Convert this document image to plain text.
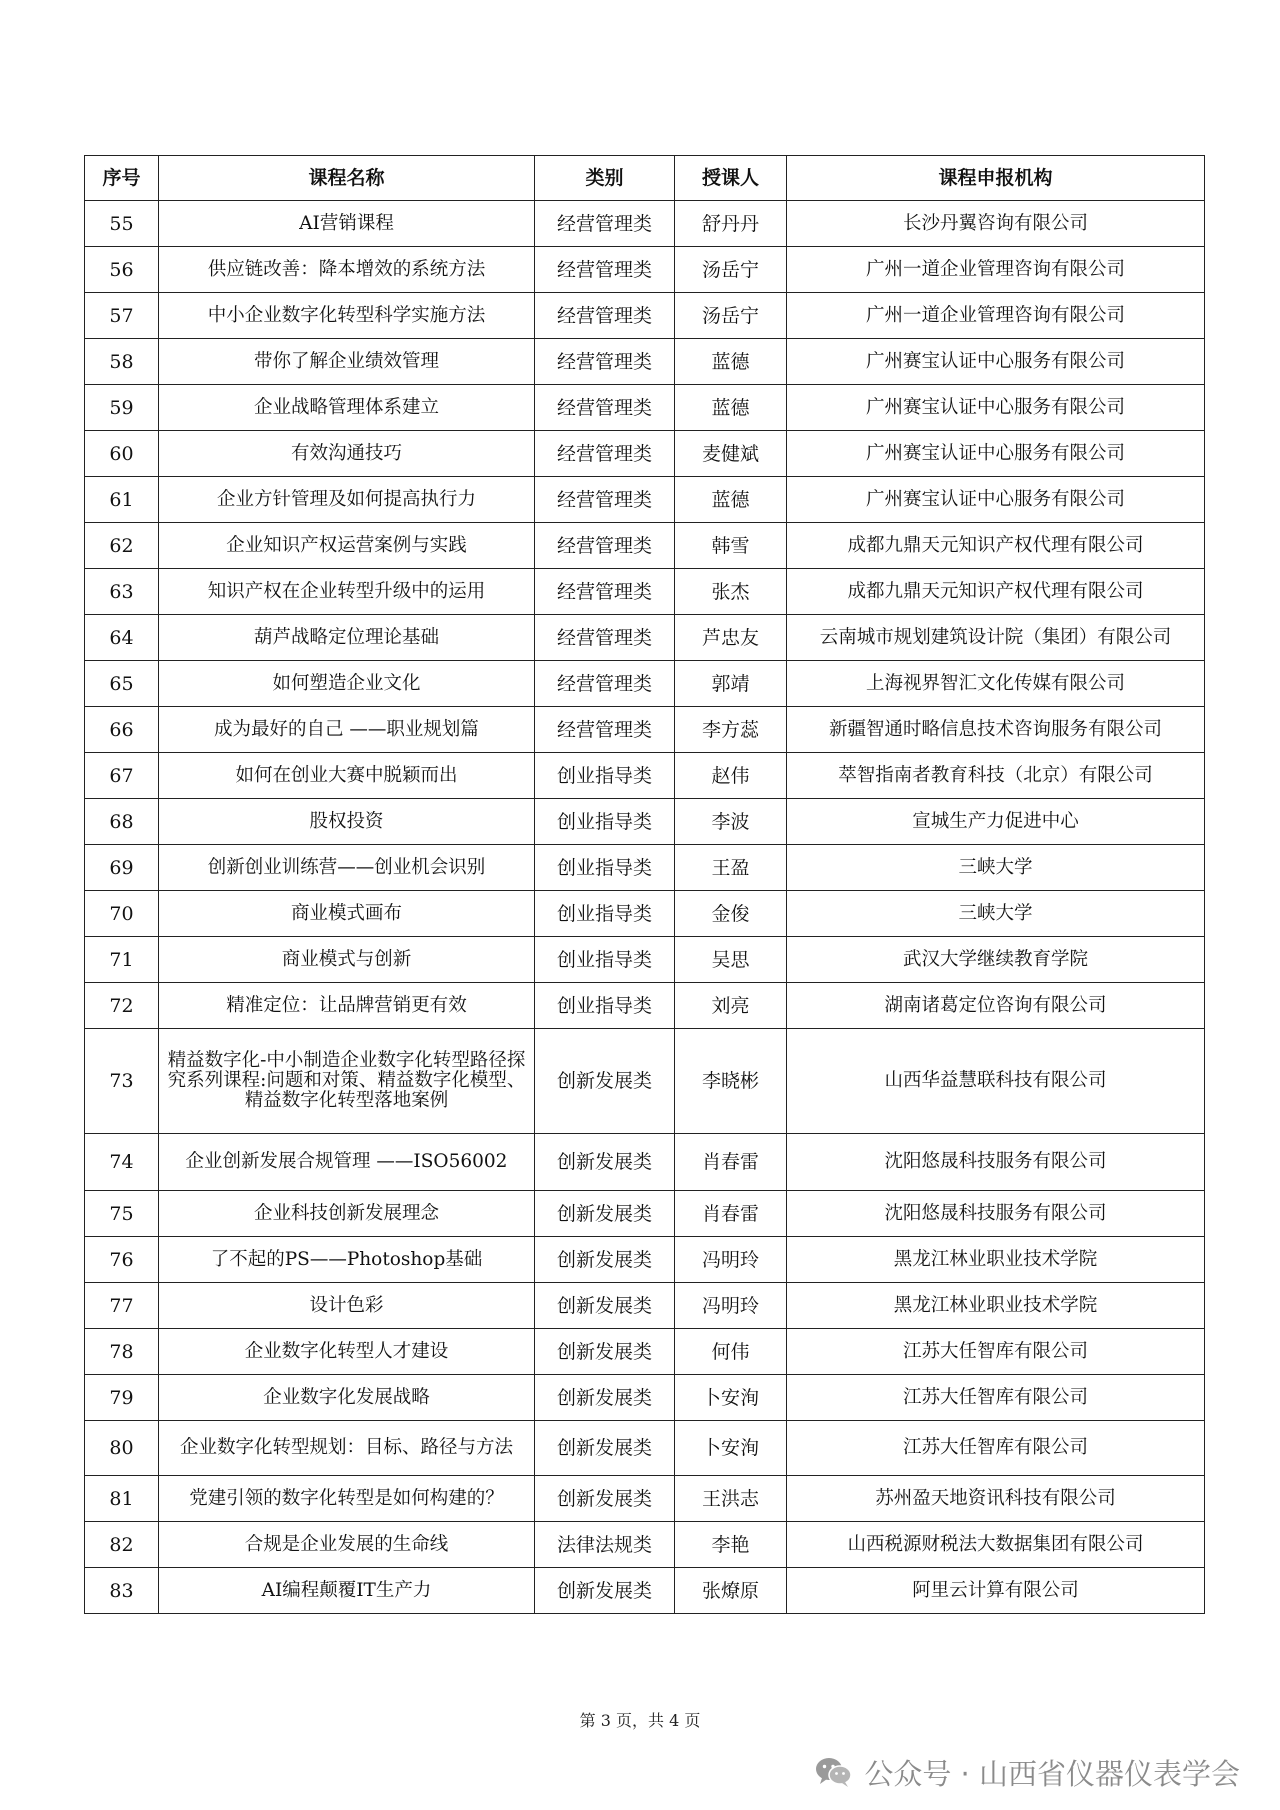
序号	课程名称	类别	授课人	课程申报机构
55	AI营销课程	经营管理类	舒丹丹	长沙丹翼咨询有限公司
56	供应链改善：降本增效的系统方法	经营管理类	汤岳宁	广州一道企业管理咨询有限公司
57	中小企业数字化转型科学实施方法	经营管理类	汤岳宁	广州一道企业管理咨询有限公司
58	带你了解企业绩效管理	经营管理类	蓝德	广州赛宝认证中心服务有限公司
59	企业战略管理体系建立	经营管理类	蓝德	广州赛宝认证中心服务有限公司
60	有效沟通技巧	经营管理类	麦健斌	广州赛宝认证中心服务有限公司
61	企业方针管理及如何提高执行力	经营管理类	蓝德	广州赛宝认证中心服务有限公司
62	企业知识产权运营案例与实践	经营管理类	韩雪	成都九鼎天元知识产权代理有限公司
63	知识产权在企业转型升级中的运用	经营管理类	张杰	成都九鼎天元知识产权代理有限公司
64	葫芦战略定位理论基础	经营管理类	芦忠友	云南城市规划建筑设计院（集团）有限公司
65	如何塑造企业文化	经营管理类	郭靖	上海视界智汇文化传媒有限公司
66	成为最好的自己 ——职业规划篇	经营管理类	李方蕊	新疆智通时略信息技术咨询服务有限公司
67	如何在创业大赛中脱颖而出	创业指导类	赵伟	萃智指南者教育科技（北京）有限公司
68	股权投资	创业指导类	李波	宣城生产力促进中心
69	创新创业训练营——创业机会识别	创业指导类	王盈	三峡大学
70	商业模式画布	创业指导类	金俊	三峡大学
71	商业模式与创新	创业指导类	吴思	武汉大学继续教育学院
72	精准定位：让品牌营销更有效	创业指导类	刘亮	湖南诸葛定位咨询有限公司
73	精益数字化-中小制造企业数字化转型路径探究系列课程:问题和对策、精益数字化模型、精益数字化转型落地案例	创新发展类	李晓彬	山西华益慧联科技有限公司
74	企业创新发展合规管理 ——ISO56002	创新发展类	肖春雷	沈阳悠晟科技服务有限公司
75	企业科技创新发展理念	创新发展类	肖春雷	沈阳悠晟科技服务有限公司
76	了不起的PS——Photoshop基础	创新发展类	冯明玲	黑龙江林业职业技术学院
77	设计色彩	创新发展类	冯明玲	黑龙江林业职业技术学院
78	企业数字化转型人才建设	创新发展类	何伟	江苏大任智库有限公司
79	企业数字化发展战略	创新发展类	卜安洵	江苏大任智库有限公司
80	企业数字化转型规划：目标、路径与方法	创新发展类	卜安洵	江苏大任智库有限公司
81	党建引领的数字化转型是如何构建的？	创新发展类	王洪志	苏州盈天地资讯科技有限公司
82	合规是企业发展的生命线	法律法规类	李艳	山西税源财税法大数据集团有限公司
83	AI编程颠覆IT生产力	创新发展类	张燎原	阿里云计算有限公司
第 3 页，共 4 页
公众号 · 山西省仪器仪表学会
